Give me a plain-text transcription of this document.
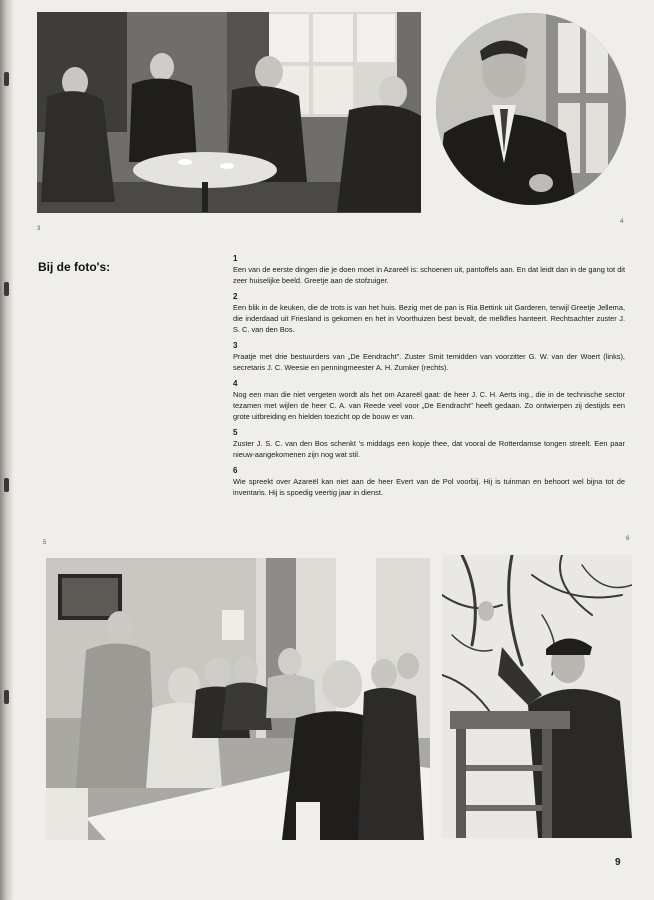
3
4
Bij de foto's:
1
Een van de eerste dingen die je doen moet in Azareël is: schoenen uit, pantoffels aan. En dat leidt dan in de gang tot dit zeer huiselijke beeld. Greetje aan de stofzuiger.
2
Een blik in de keuken, die de trots is van het huis. Bezig met de pan is Ria Bettink uit Garderen, terwijl Greetje Jellema, die inderdaad uit Friesland is gekomen en het in Voorthuizen best bevalt, de melkfles hanteert. Rechtsachter zuster J. S. C. van den Bos.
3
Praatje met drie bestuurders van „De Eendracht". Zuster Smit temidden van voorzitter G. W. van der Woert (links), secretaris J. C. Weesie en penningmeester A. H. Zumker (rechts).
4
Nog een man die niet vergeten wordt als het om Azareël gaat: de heer J. C. H. Aerts ing., die in de technische sector tezamen met wijlen de heer C. A. van Reede veel voor „De Eendracht" heeft gedaan. Zo ontwierpen zij destijds een grote uitbreiding en hielden toezicht op de bouw er van.
5
Zuster J. S. C. van den Bos schenkt 's middags een kopje thee, dat vooral de Rotterdamse tongen streelt. Een paar nieuw-aangekomenen zijn nog wat stil.
6
Wie spreekt over Azareël kan niet aan de heer Evert van de Pol voorbij. Hij is tuinman en behoort wel bijna tot de inventaris. Hij is spoedig veertig jaar in dienst.
5
6
9
